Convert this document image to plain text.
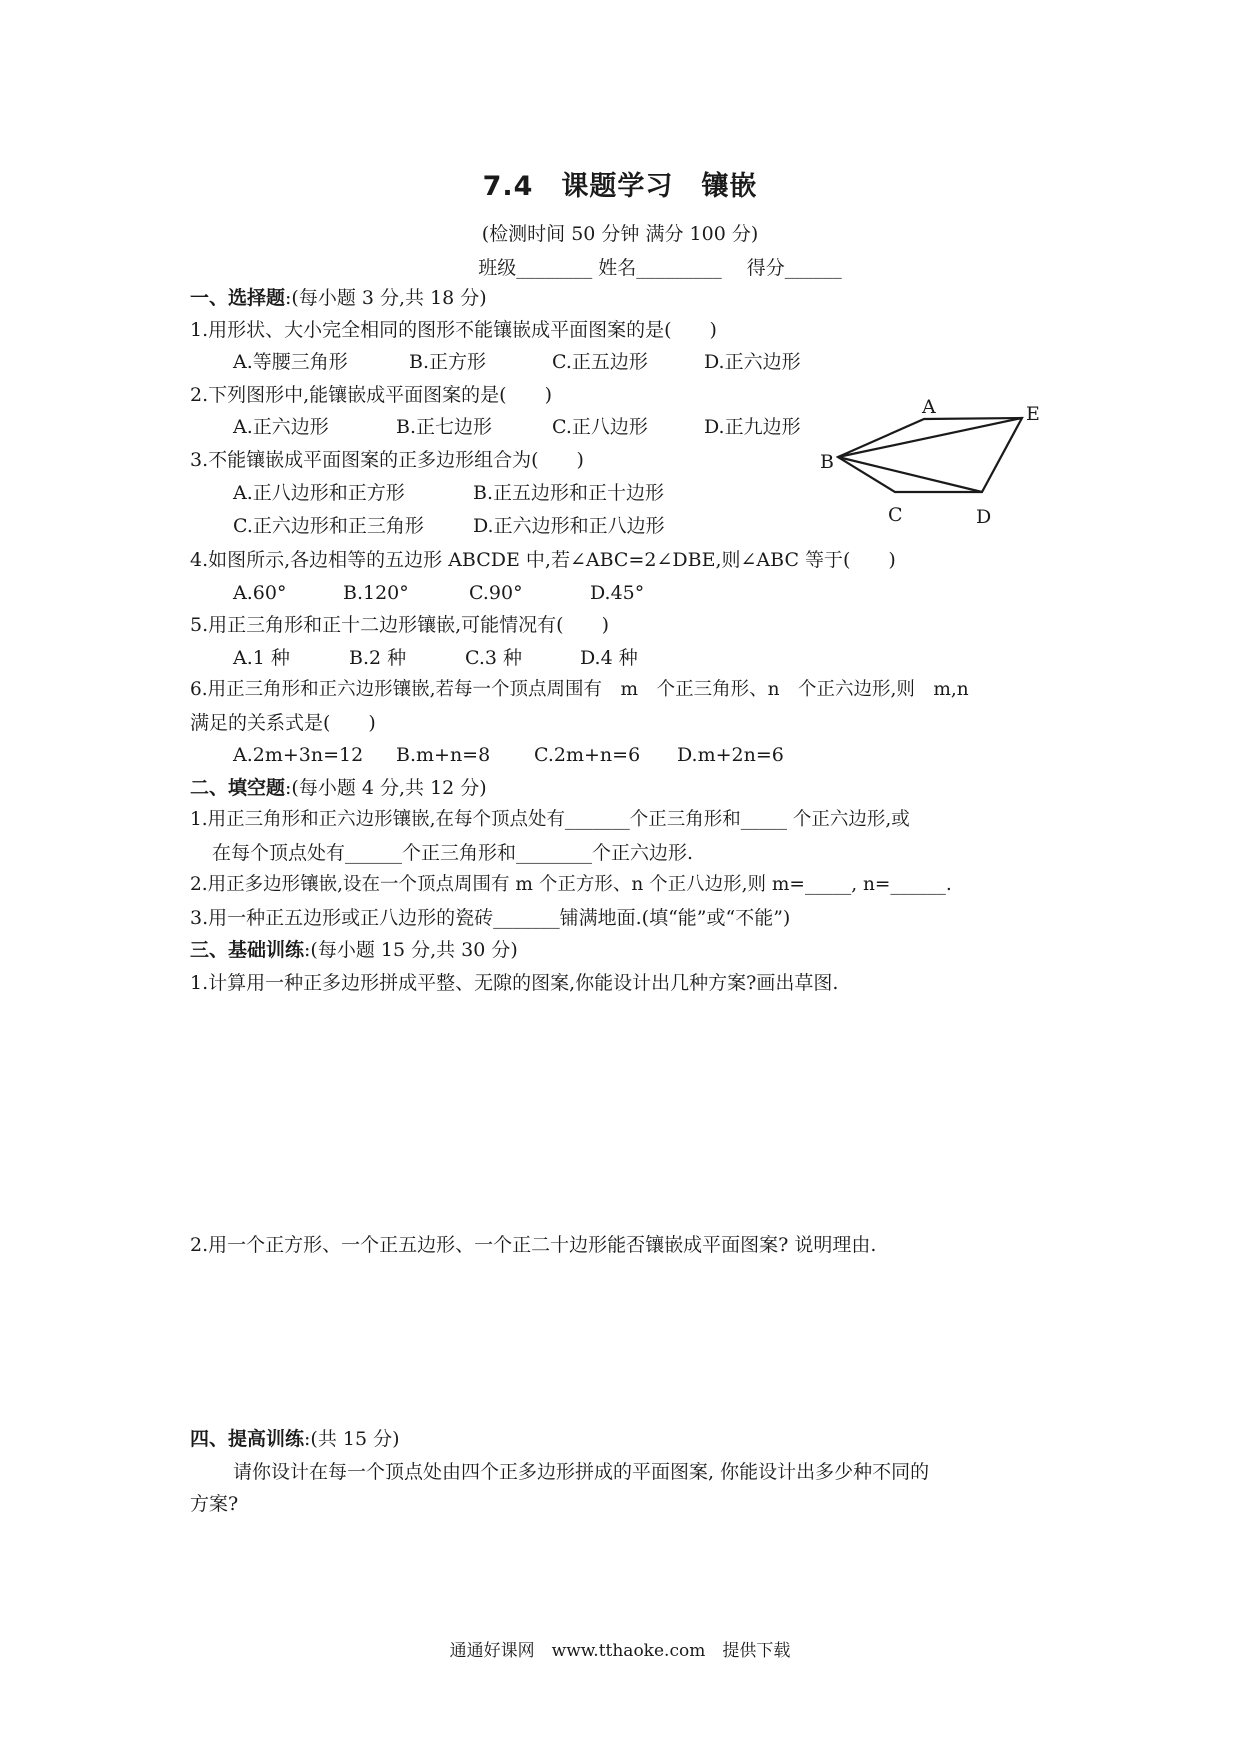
7.4　课题学习　镶嵌
(检测时间 50 分钟 满分 100 分)
班级________ 姓名_________　 得分______
一、选择题:(每小题 3 分,共 18 分)
1.用形状、大小完全相同的图形不能镶嵌成平面图案的是(　　)
A.等腰三角形	B.正方形	C.正五边形	D.正六边形
2.下列图形中,能镶嵌成平面图案的是(　　)
A.正六边形	B.正七边形	C.正八边形	D.正九边形
3.不能镶嵌成平面图案的正多边形组合为(　　)
A.正八边形和正方形	B.正五边形和正十边形
C.正六边形和正三角形	D.正六边形和正八边形
A
B
C	D
E
4.如图所示,各边相等的五边形 ABCDE 中,若∠ABC=2∠DBE,则∠ABC 等于(　　)
A.60°	B.120°	C.90°	D.45°
5.用正三角形和正十二边形镶嵌,可能情况有(　　)
A.1 种	B.2 种	C.3 种	D.4 种
6.用正三角形和正六边形镶嵌,若每一个顶点周围有　m　个正三角形、n　个正六边形,则　m,n
满足的关系式是(　　)
A.2m+3n=12 B.m+n=8 C.2m+n=6 D.m+2n=6
二、填空题:(每小题 4 分,共 12 分)
1.用正三角形和正六边形镶嵌,在每个顶点处有_______个正三角形和_____ 个正六边形,或
在每个顶点处有______个正三角形和________个正六边形.
2.用正多边形镶嵌,设在一个顶点周围有 m 个正方形、n 个正八边形,则 m=_____, n=______.
3.用一种正五边形或正八边形的瓷砖_______铺满地面.(填“能”或“不能”)
三、基础训练:(每小题 15 分,共 30 分)
1.计算用一种正多边形拼成平整、无隙的图案,你能设计出几种方案?画出草图.
2.用一个正方形、一个正五边形、一个正二十边形能否镶嵌成平面图案? 说明理由.
四、提高训练:(共 15 分)
请你设计在每一个顶点处由四个正多边形拼成的平面图案, 你能设计出多少种不同的
方案?
通通好课网　www.tthaoke.com　提供下载
